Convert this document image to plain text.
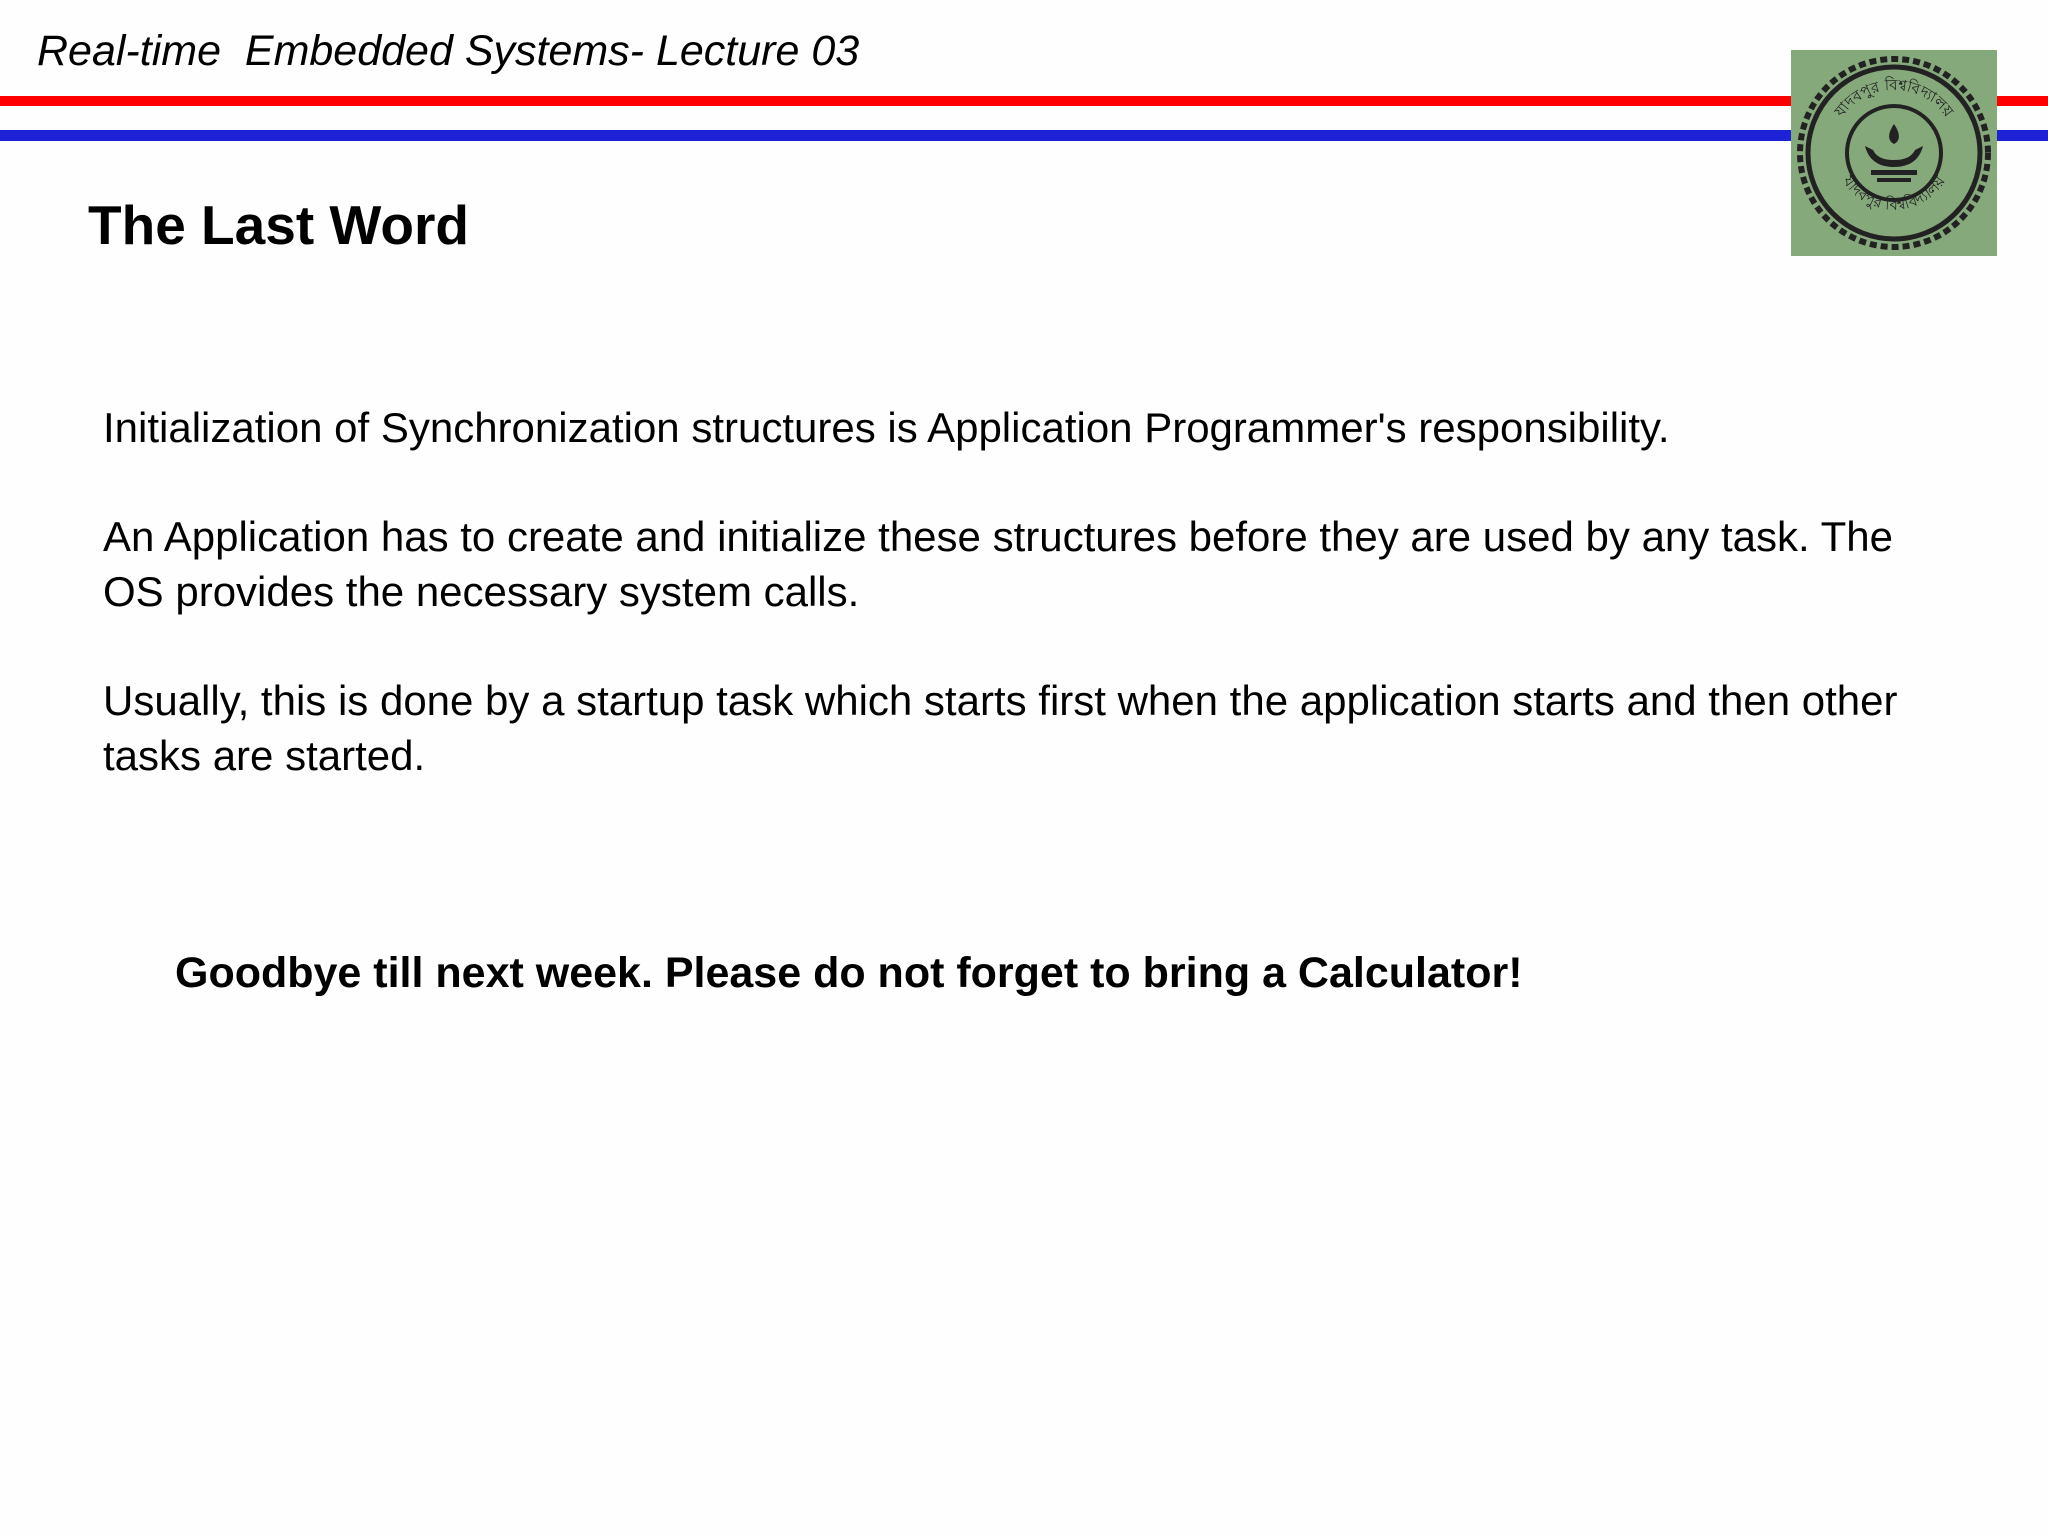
Real-time  Embedded Systems- Lecture 03
যাদবপুর বিশ্ববিদ্যালয়
যাদবপুর বিশ্ববিদ্যালয়
The Last Word

Initialization of Synchronization structures is Application Programmer's responsibility.

An Application has to create and initialize these structures before they are used by any task. The OS provides the necessary system calls.

Usually, this is done by a startup task which starts first when the application starts and then other tasks are started.

Goodbye till next week. Please do not forget to bring a Calculator!
